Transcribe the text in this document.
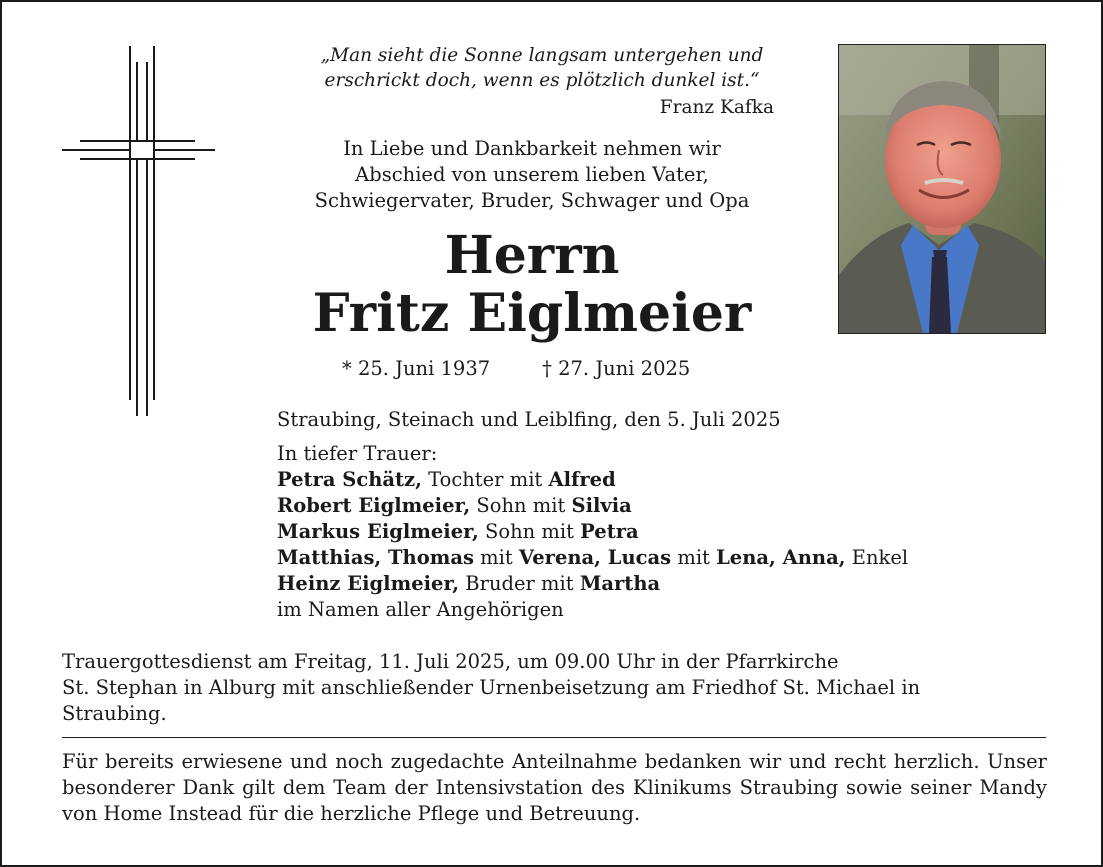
„Man sieht die Sonne langsam untergehen und
erschrickt doch, wenn es plötzlich dunkel ist.“
Franz Kafka
In Liebe und Dankbarkeit nehmen wir
Abschied von unserem lieben Vater,
Schwiegervater, Bruder, Schwager und Opa
Herrn
Fritz Eiglmeier
* 25. Juni 1937	† 27. Juni 2025
Straubing, Steinach und Leiblfing, den 5. Juli 2025
In tiefer Trauer:
Petra Schätz, Tochter mit Alfred
Robert Eiglmeier, Sohn mit Silvia
Markus Eiglmeier, Sohn mit Petra
Matthias, Thomas mit Verena, Lucas mit Lena, Anna, Enkel
Heinz Eiglmeier, Bruder mit Martha
im Namen aller Angehörigen
Trauergottesdienst am Freitag, 11. Juli 2025, um 09.00 Uhr in der Pfarrkirche
St. Stephan in Alburg mit anschließender Urnenbeisetzung am Friedhof St. Michael in
Straubing.
Für bereits erwiesene und noch zugedachte Anteilnahme bedanken wir und recht herzlich. Unser besonderer Dank gilt dem Team der Intensivstation des Klinikums Straubing sowie seiner Mandy von Home Instead für die herzliche Pflege und Betreuung.
